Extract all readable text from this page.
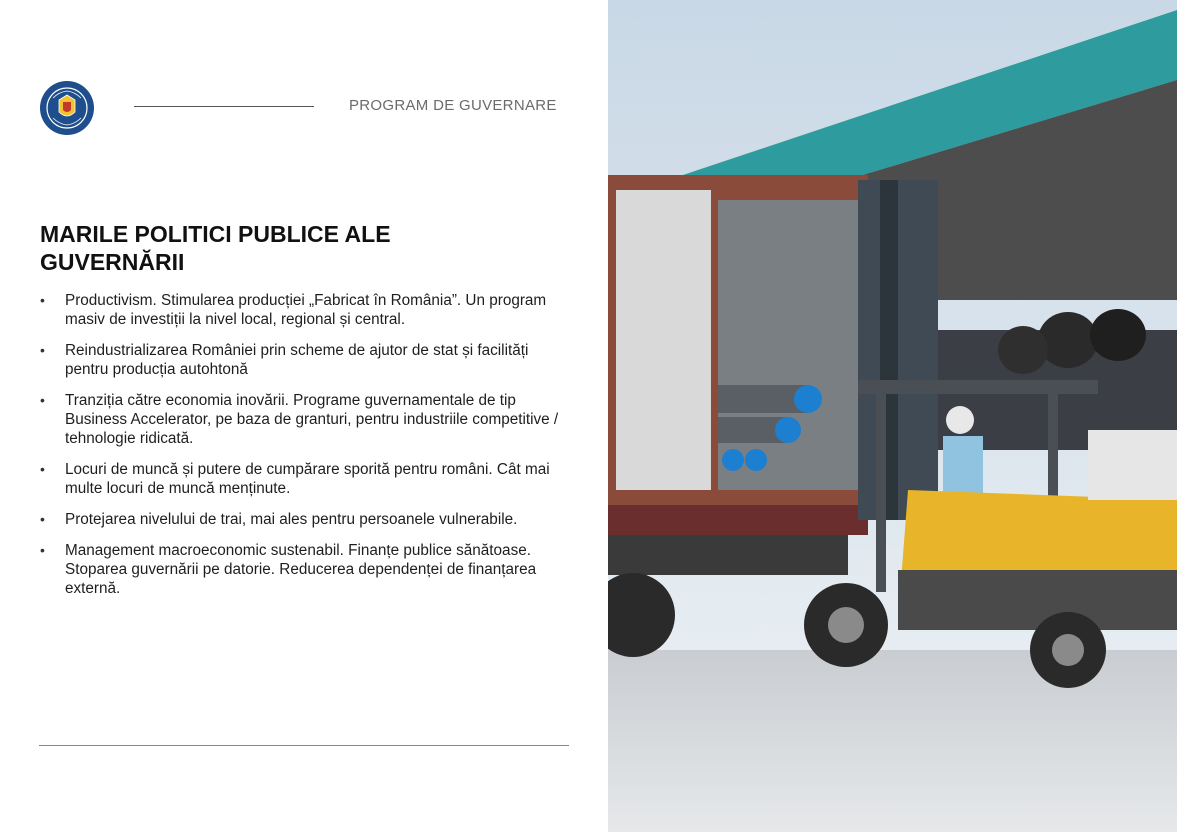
PROGRAM DE GUVERNARE
MARILE POLITICI PUBLICE ALE GUVERNĂRII
•	Productivism. Stimularea producției „Fabricat în România”. Un program masiv de investiții la nivel local, regional și central.
•	Reindustrializarea României prin scheme de ajutor de stat și facilități pentru producția autohtonă
•	Tranziția către economia inovării. Programe guvernamentale de tip Business Accelerator, pe baza de granturi, pentru industriile competitive / tehnologie ridicată.
•	Locuri de muncă și putere de cumpărare sporită pentru români. Cât mai multe locuri de muncă menținute.
•	Protejarea nivelului de trai, mai ales pentru persoanele vulnerabile.
•	Management macroeconomic sustenabil. Finanțe publice sănătoase. Stoparea guvernării pe datorie. Reducerea dependenței de finanțarea externă.
